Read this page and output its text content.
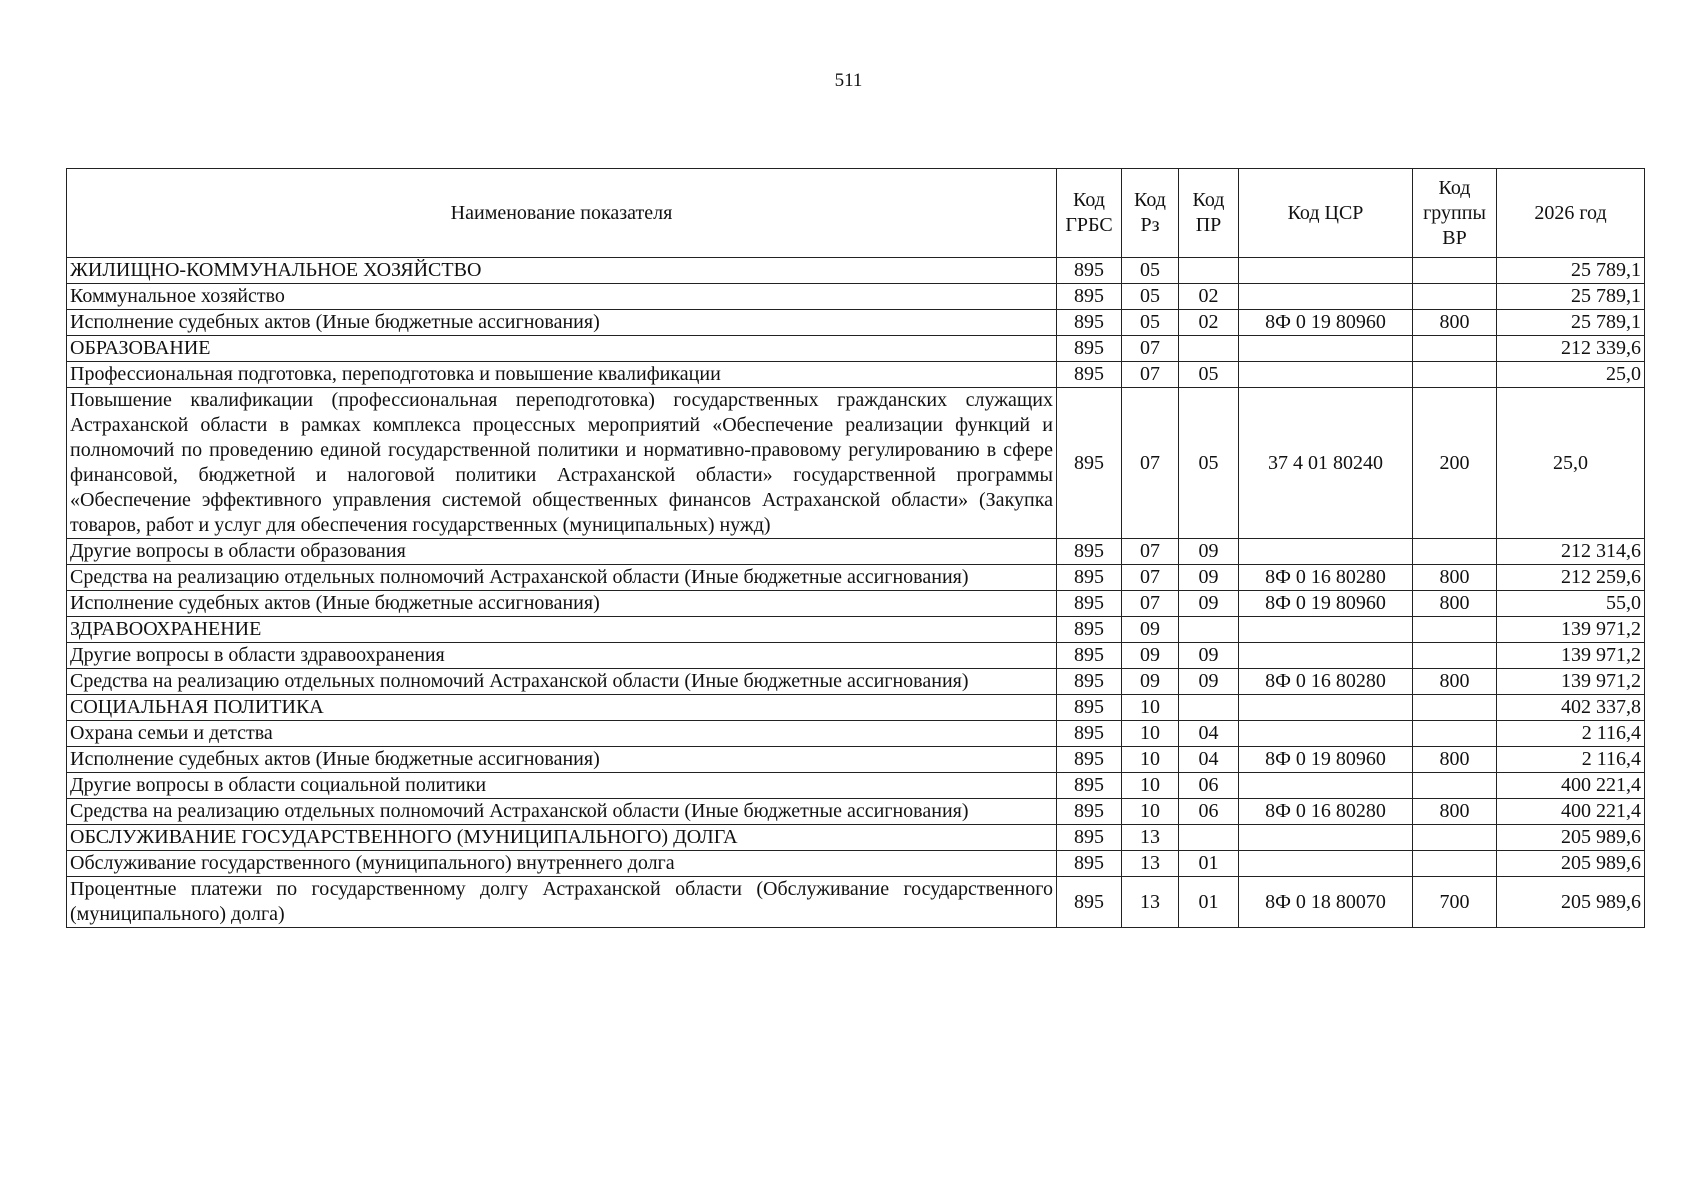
511
Наименование показателя	Код ГРБС	Код Рз	Код ПР	Код ЦСР	Код группы ВР	2026 год
ЖИЛИЩНО-КОММУНАЛЬНОЕ ХОЗЯЙСТВО	895	05				25 789,1
Коммунальное хозяйство	895	05	02			25 789,1
Исполнение судебных актов (Иные бюджетные ассигнования)	895	05	02	8Ф 0 19 80960	800	25 789,1
ОБРАЗОВАНИЕ	895	07				212 339,6
Профессиональная подготовка, переподготовка и повышение квалификации	895	07	05			25,0
Повышение квалификации (профессиональная переподготовка) государственных гражданских служащих Астраханской области в рамках комплекса процессных мероприятий «Обеспечение реализации функций и полномочий по проведению единой государственной политики и нормативно-правовому регулированию в сфере финансовой, бюджетной и налоговой политики Астраханской области» государственной программы «Обеспечение эффективного управления системой общественных финансов Астраханской области» (Закупка товаров, работ и услуг для обеспечения государственных (муниципальных) нужд)	895	07	05	37 4 01 80240	200	25,0
Другие вопросы в области образования	895	07	09			212 314,6
Средства на реализацию отдельных полномочий Астраханской области (Иные бюджетные ассигнования)	895	07	09	8Ф 0 16 80280	800	212 259,6
Исполнение судебных актов (Иные бюджетные ассигнования)	895	07	09	8Ф 0 19 80960	800	55,0
ЗДРАВООХРАНЕНИЕ	895	09				139 971,2
Другие вопросы в области здравоохранения	895	09	09			139 971,2
Средства на реализацию отдельных полномочий Астраханской области (Иные бюджетные ассигнования)	895	09	09	8Ф 0 16 80280	800	139 971,2
СОЦИАЛЬНАЯ ПОЛИТИКА	895	10				402 337,8
Охрана семьи и детства	895	10	04			2 116,4
Исполнение судебных актов (Иные бюджетные ассигнования)	895	10	04	8Ф 0 19 80960	800	2 116,4
Другие вопросы в области социальной политики	895	10	06			400 221,4
Средства на реализацию отдельных полномочий Астраханской области (Иные бюджетные ассигнования)	895	10	06	8Ф 0 16 80280	800	400 221,4
ОБСЛУЖИВАНИЕ ГОСУДАРСТВЕННОГО (МУНИЦИПАЛЬНОГО) ДОЛГА	895	13				205 989,6
Обслуживание государственного (муниципального) внутреннего долга	895	13	01			205 989,6
Процентные платежи по государственному долгу Астраханской области (Обслуживание государственного (муниципального) долга)	895	13	01	8Ф 0 18 80070	700	205 989,6
